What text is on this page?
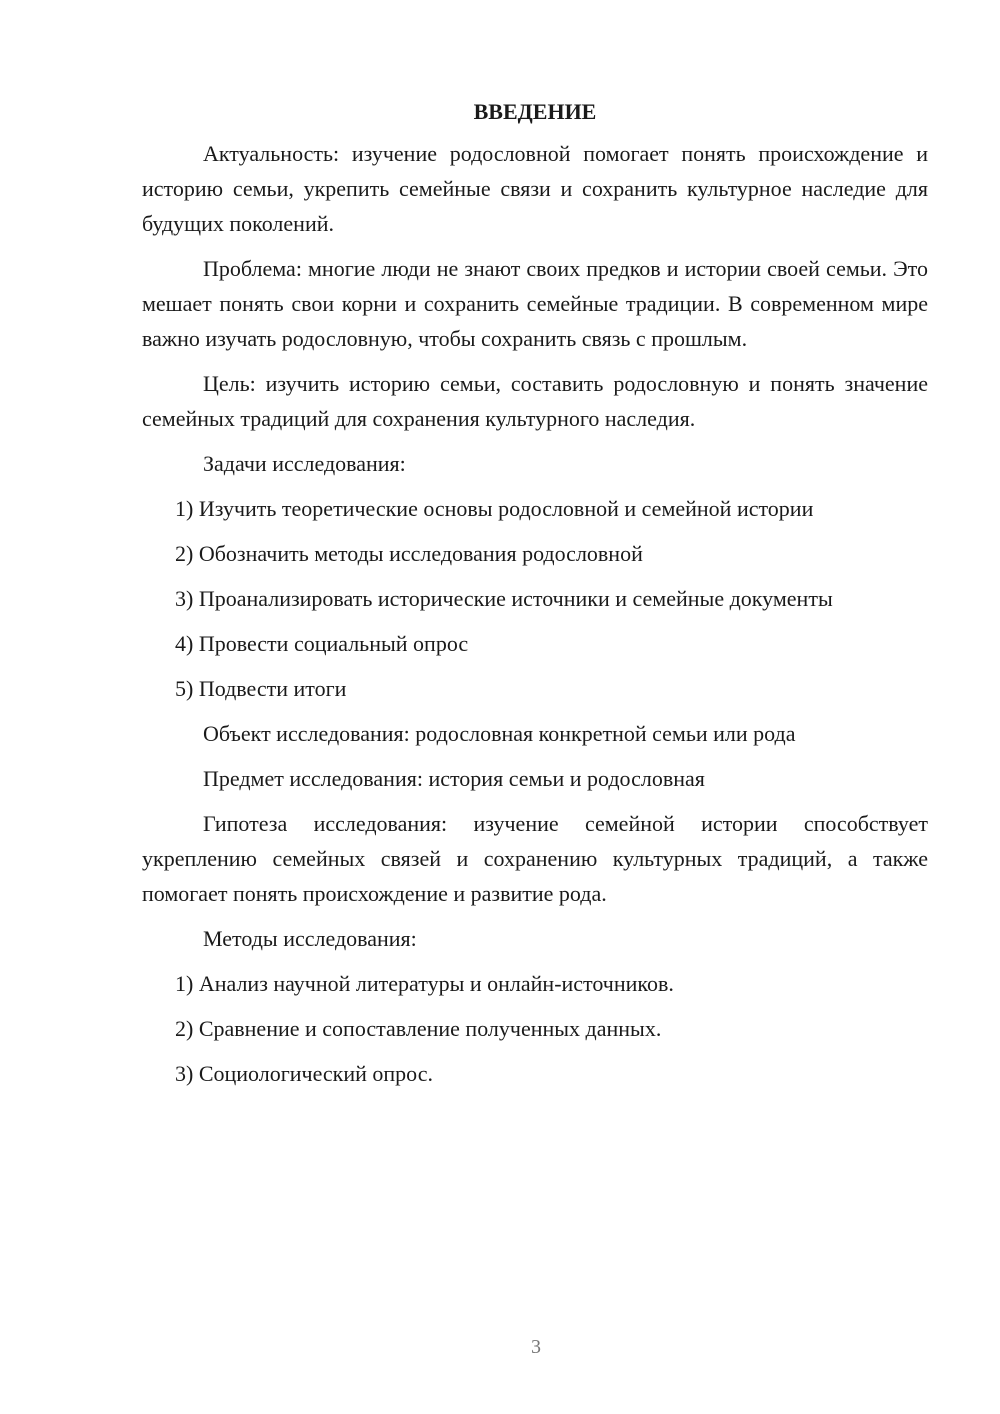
ВВЕДЕНИЕ

Актуальность: изучение родословной помогает понять происхождение и историю семьи, укрепить семейные связи и сохранить культурное наследие для будущих поколений.

Проблема: многие люди не знают своих предков и истории своей семьи. Это мешает понять свои корни и сохранить семейные традиции. В современном мире важно изучать родословную, чтобы сохранить связь с прошлым.

Цель: изучить историю семьи, составить родословную и понять значение семейных традиций для сохранения культурного наследия.

Задачи исследования:
1) Изучить теоретические основы родословной и семейной истории
2) Обозначить методы исследования родословной
3) Проанализировать исторические источники и семейные документы
4) Провести социальный опрос
5) Подвести итоги
Объект исследования: родословная конкретной семьи или рода
Предмет исследования: история семьи и родословная

Гипотеза исследования: изучение семейной истории способствует укреплению семейных связей и сохранению культурных традиций, а также помогает понять происхождение и развитие рода.

Методы исследования:
1) Анализ научной литературы и онлайн-источников.
2) Сравнение и сопоставление полученных данных.
3) Социологический опрос.
3
